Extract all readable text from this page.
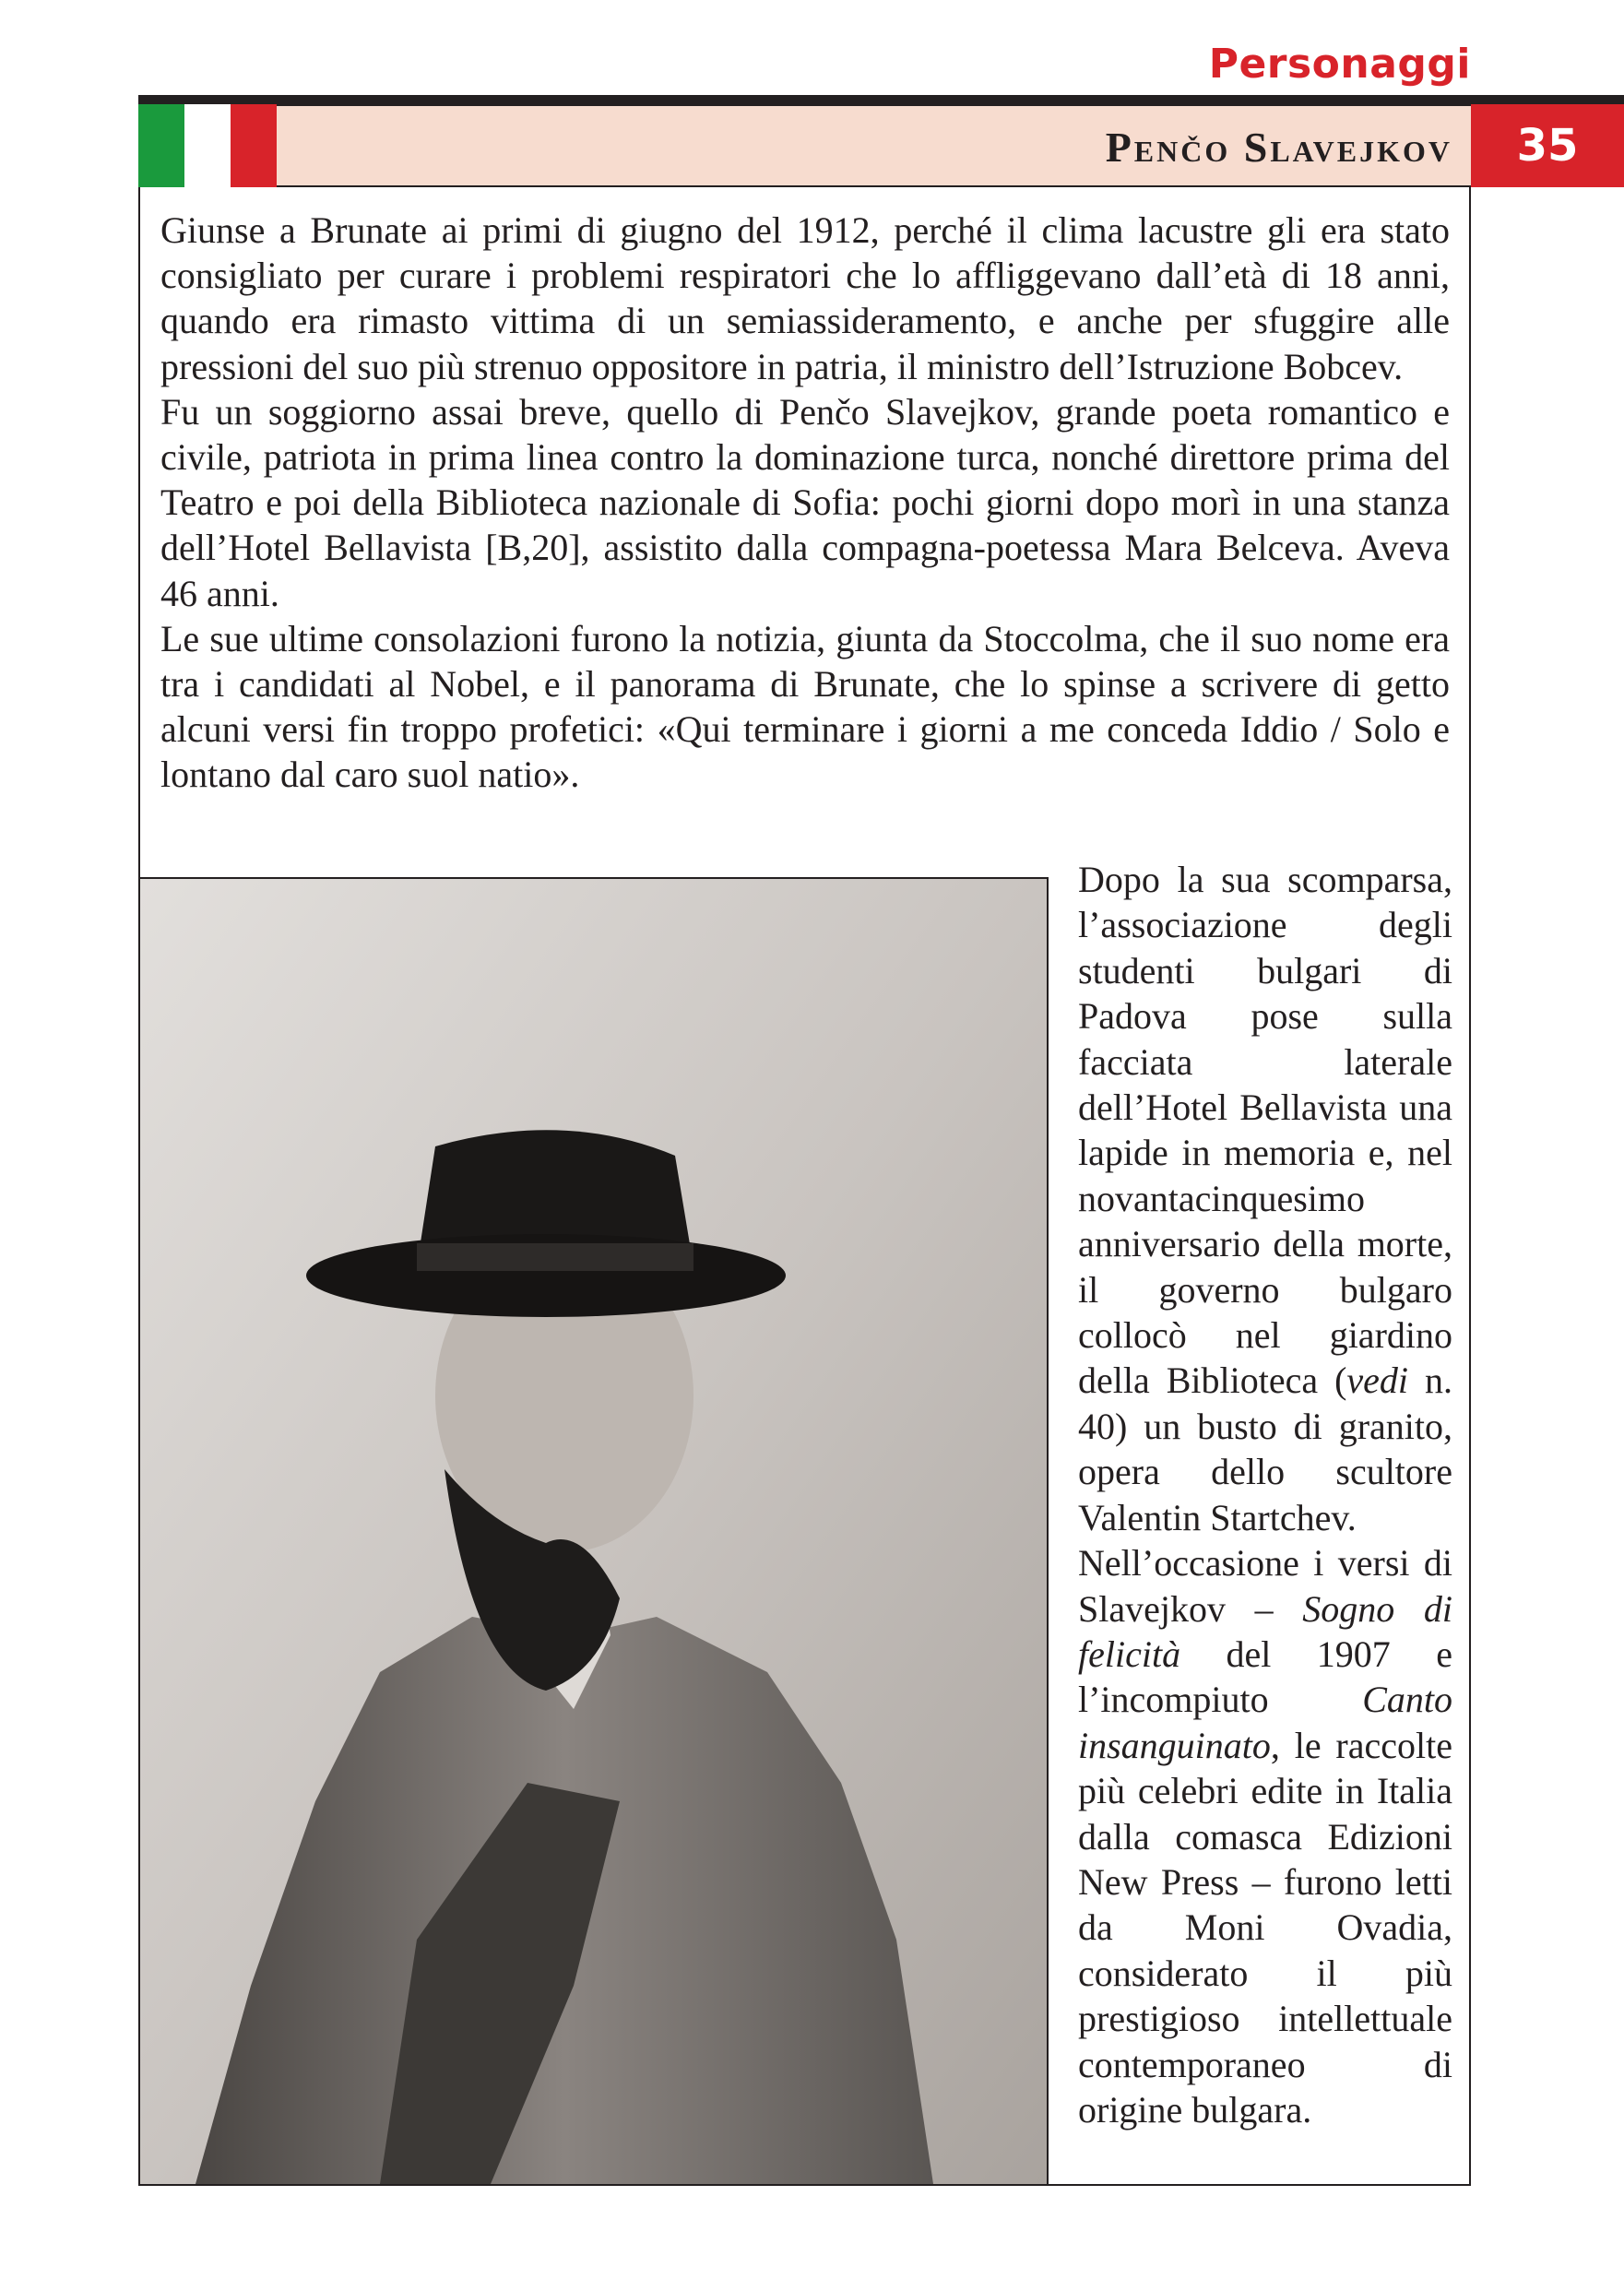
Personaggi
Penčo Slavejkov	35

Giunse a Brunate ai primi di giugno del 1912, perché il clima lacustre gli era stato consigliato per curare i problemi respiratori che lo affliggevano dall’età di 18 anni, quando era rimasto vittima di un semiassideramento, e anche per sfuggire alle pressioni del suo più strenuo oppositore in patria, il ministro dell’Istruzione Bobcev.

Fu un soggiorno assai breve, quello di Penčo Slavejkov, grande poeta romantico e civile, patriota in prima linea contro la dominazione turca, nonché direttore prima del Teatro e poi della Biblioteca nazionale di Sofia: pochi giorni dopo morì in una stanza dell’Hotel Bellavista [B,20], assistito dalla compagna-poetessa Mara Belceva. Aveva 46 anni.

Le sue ultime consolazioni furono la notizia, giunta da Stoccolma, che il suo nome era tra i candidati al Nobel, e il panorama di Brunate, che lo spinse a scrivere di getto alcuni versi fin troppo profetici: «Qui terminare i giorni a me conceda Iddio / Solo e lontano dal caro suol natio».

Dopo la sua scomparsa, l’associazione degli studenti bulgari di Padova pose sulla facciata laterale dell’Hotel Bellavista una lapide in memoria e, nel novantacinquesimo anniversario della morte, il governo bulgaro collocò nel giardino della Biblioteca (vedi n. 40) un busto di granito, opera dello scultore Valentin Startchev.

Nell’occasione i versi di Slavejkov – Sogno di felicità del 1907 e l’incompiuto Canto insanguinato, le raccolte più celebri edite in Italia dalla comasca Edizioni New Press – furono letti da Moni Ovadia, considerato il più prestigioso intellettuale contemporaneo di origine bulgara.
